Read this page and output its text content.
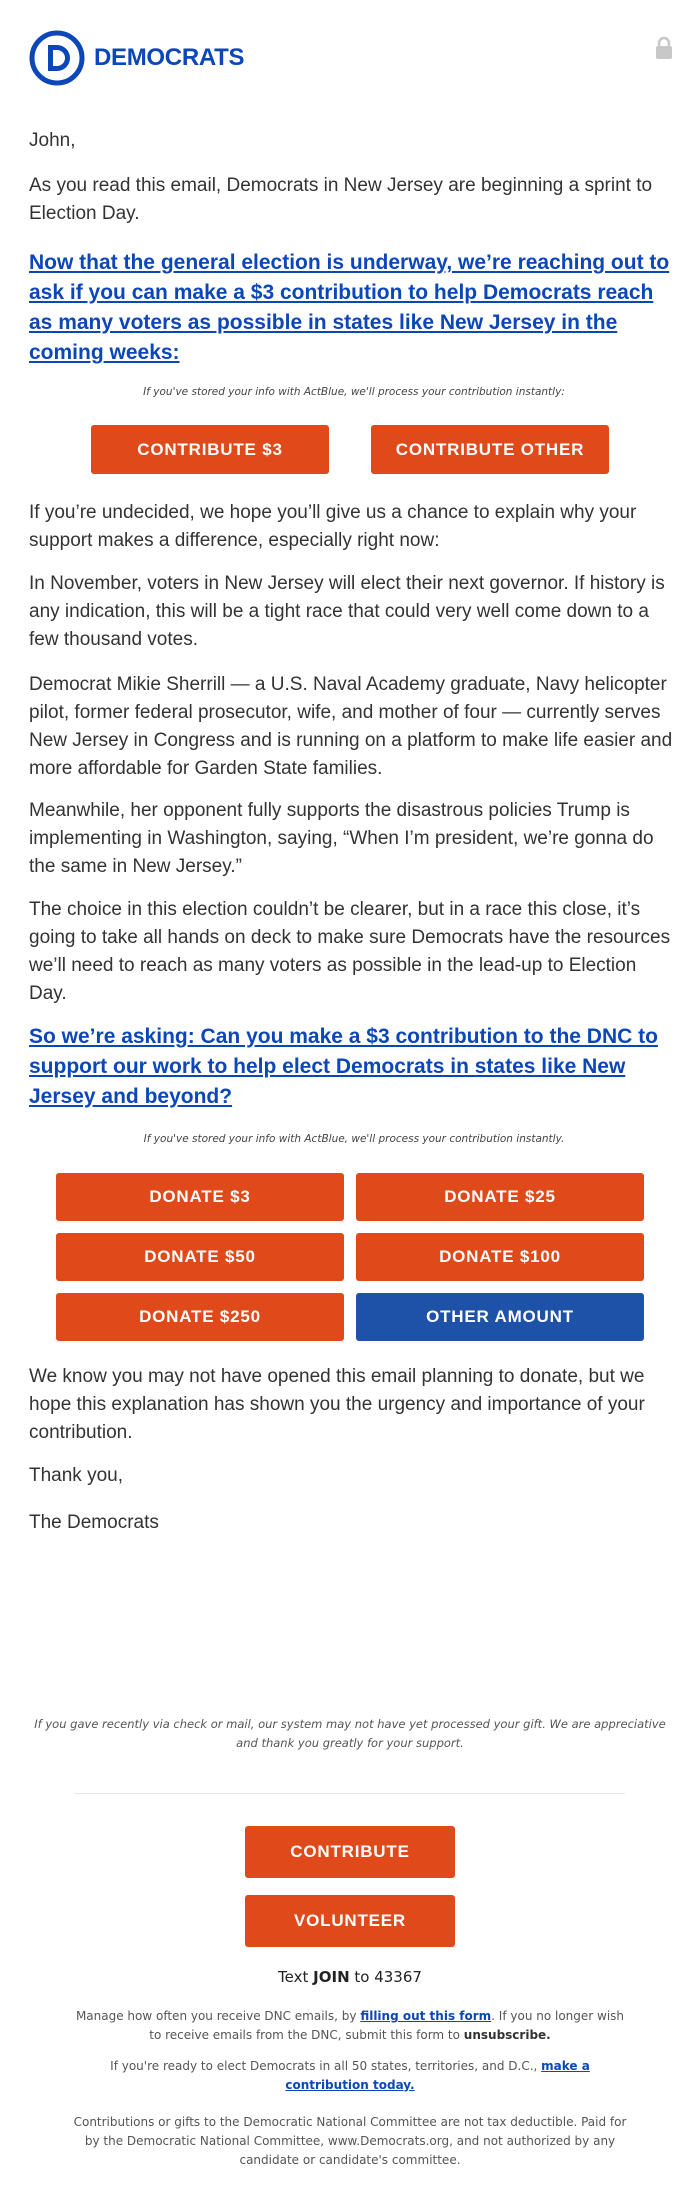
DEMOCRATS
John,
As you read this email, Democrats in New Jersey are beginning a sprint to Election Day.
Now that the general election is underway, we’re reaching out to ask if you can make a $3 contribution to help Democrats reach as many voters as possible in states like New Jersey in the coming weeks:
If you've stored your info with ActBlue, we'll process your contribution instantly:
If you’re undecided, we hope you’ll give us a chance to explain why your support makes a difference, especially right now:
In November, voters in New Jersey will elect their next governor. If history is any indication, this will be a tight race that could very well come down to a few thousand votes.
Democrat Mikie Sherrill — a U.S. Naval Academy graduate, Navy helicopter pilot, former federal prosecutor, wife, and mother of four — currently serves New Jersey in Congress and is running on a platform to make life easier and more affordable for Garden State families.
Meanwhile, her opponent fully supports the disastrous policies Trump is implementing in Washington, saying, “When I’m president, we’re gonna do the same in New Jersey.”
The choice in this election couldn’t be clearer, but in a race this close, it’s going to take all hands on deck to make sure Democrats have the resources we’ll need to reach as many voters as possible in the lead-up to Election Day.
So we’re asking: Can you make a $3 contribution to the DNC to support our work to help elect Democrats in states like New Jersey and beyond?
If you've stored your info with ActBlue, we'll process your contribution instantly.
We know you may not have opened this email planning to donate, but we hope this explanation has shown you the urgency and importance of your contribution.
Thank you,
The Democrats
CONTRIBUTE $3	CONTRIBUTE OTHER
DONATE $3	DONATE $25
DONATE $50	DONATE $100
DONATE $250	OTHER AMOUNT
If you gave recently via check or mail, our system may not have yet processed your gift. We are appreciative and thank you greatly for your support.
CONTRIBUTE
VOLUNTEER
Text JOIN to 43367
Manage how often you receive DNC emails, by filling out this form. If you no longer wish to receive emails from the DNC, submit this form to unsubscribe.
If you're ready to elect Democrats in all 50 states, territories, and D.C., make a contribution today.
Contributions or gifts to the Democratic National Committee are not tax deductible. Paid for by the Democratic National Committee, www.Democrats.org, and not authorized by any candidate or candidate's committee.
